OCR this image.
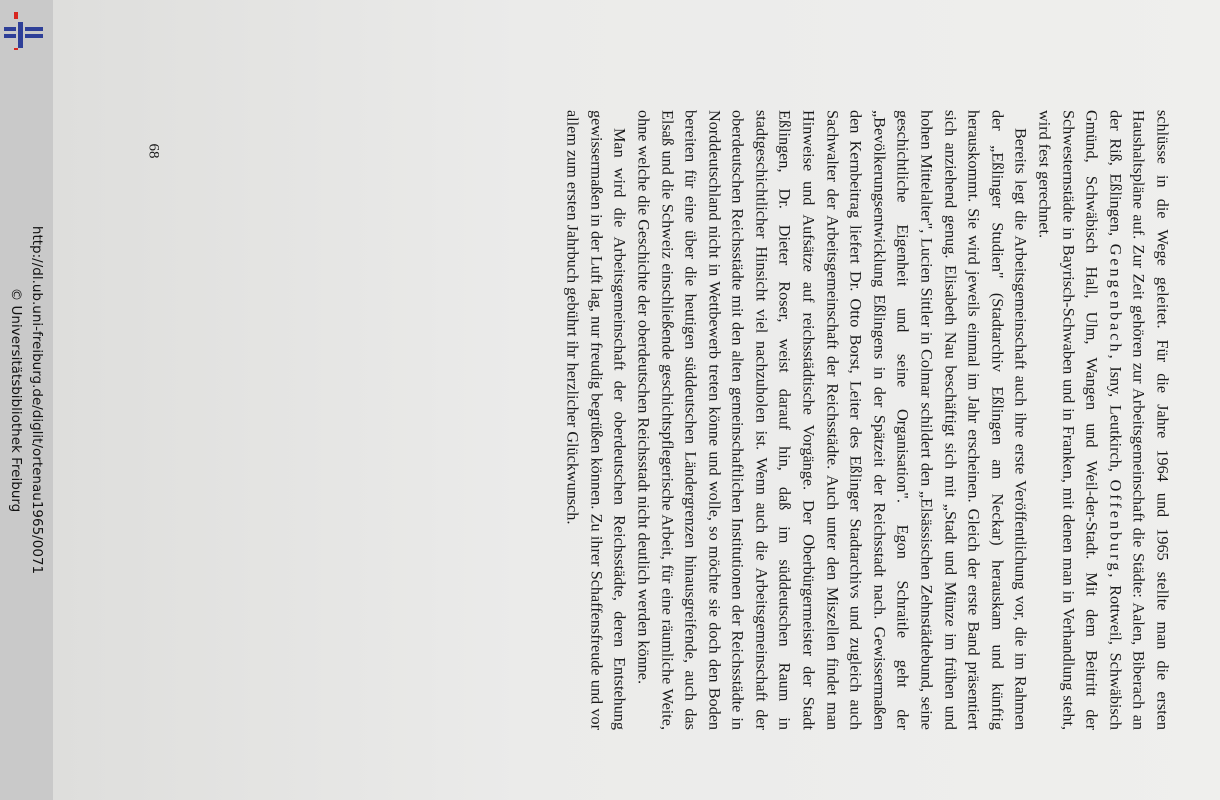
http://dl.ub.uni-freiburg.de/diglit/ortenau1965/0071
© Universitätsbibliothek Freiburg
68	schlüsse in die Wege geleitet. Für die Jahre 1964 und 1965 stellte man die ersten Haushaltspläne auf. Zur Zeit gehören zur Arbeitsgemeinschaft die Städte: Aalen, Biberach an der Riß, Eßlingen, Gengenbach, Isny, Leutkirch, Offenburg, Rottweil, Schwäbisch Gmünd, Schwäbisch Hall, Ulm, Wangen und Weil-der-Stadt. Mit dem Beitritt der Schwesternstädte in Bayrisch-Schwaben und in Franken, mit denen man in Verhandlung steht, wird fest gerechnet.

Bereits legt die Arbeitsgemeinschaft auch ihre erste Veröffentlichung vor, die im Rahmen der „Eßlinger Studien" (Stadtarchiv Eßlingen am Neckar) herauskam und künftig herauskommt. Sie wird jeweils einmal im Jahr erscheinen. Gleich der erste Band präsentiert sich anziehend genug. Elisabeth Nau beschäftigt sich mit „Stadt und Münze im frühen und hohen Mittelalter", Lucien Sittler in Colmar schildert den „Elsässischen Zehnstädtebund, seine geschichtliche Eigenheit und seine Organisation". Egon Schraitle geht der „Bevölkerungsentwicklung Eßlingens in der Spätzeit der Reichsstadt nach. Gewissermaßen den Kernbeitrag liefert Dr. Otto Borst, Leiter des Eßlinger Stadtarchivs und zugleich auch Sachwalter der Arbeitsgemeinschaft der Reichsstädte. Auch unter den Miszellen findet man Hinweise und Aufsätze auf reichsstädtische Vorgänge. Der Oberbürgermeister der Stadt Eßlingen, Dr. Dieter Roser, weist darauf hin, daß im süddeutschen Raum in stadtgeschichtlicher Hinsicht viel nachzuholen ist. Wenn auch die Arbeitsgemeinschaft der oberdeutschen Reichsstädte mit den alten gemeinschaftlichen Institutionen der Reichsstädte in Norddeutschland nicht in Wettbewerb treten könne und wolle, so möchte sie doch den Boden bereiten für eine über die heutigen süddeutschen Ländergrenzen hinausgreifende, auch das Elsaß und die Schweiz einschließende geschichtspflegerische Arbeit, für eine räumliche Weite, ohne welche die Geschichte der oberdeutschen Reichsstadt nicht deutlich werden könne.

Man wird die Arbeitsgemeinschaft der oberdeutschen Reichsstädte, deren Entstehung gewissermaßen in der Luft lag, nur freudig begrüßen können. Zu ihrer Schaffensfreude und vor allem zum ersten Jahrbuch gebührt ihr herzlicher Glückwunsch.
